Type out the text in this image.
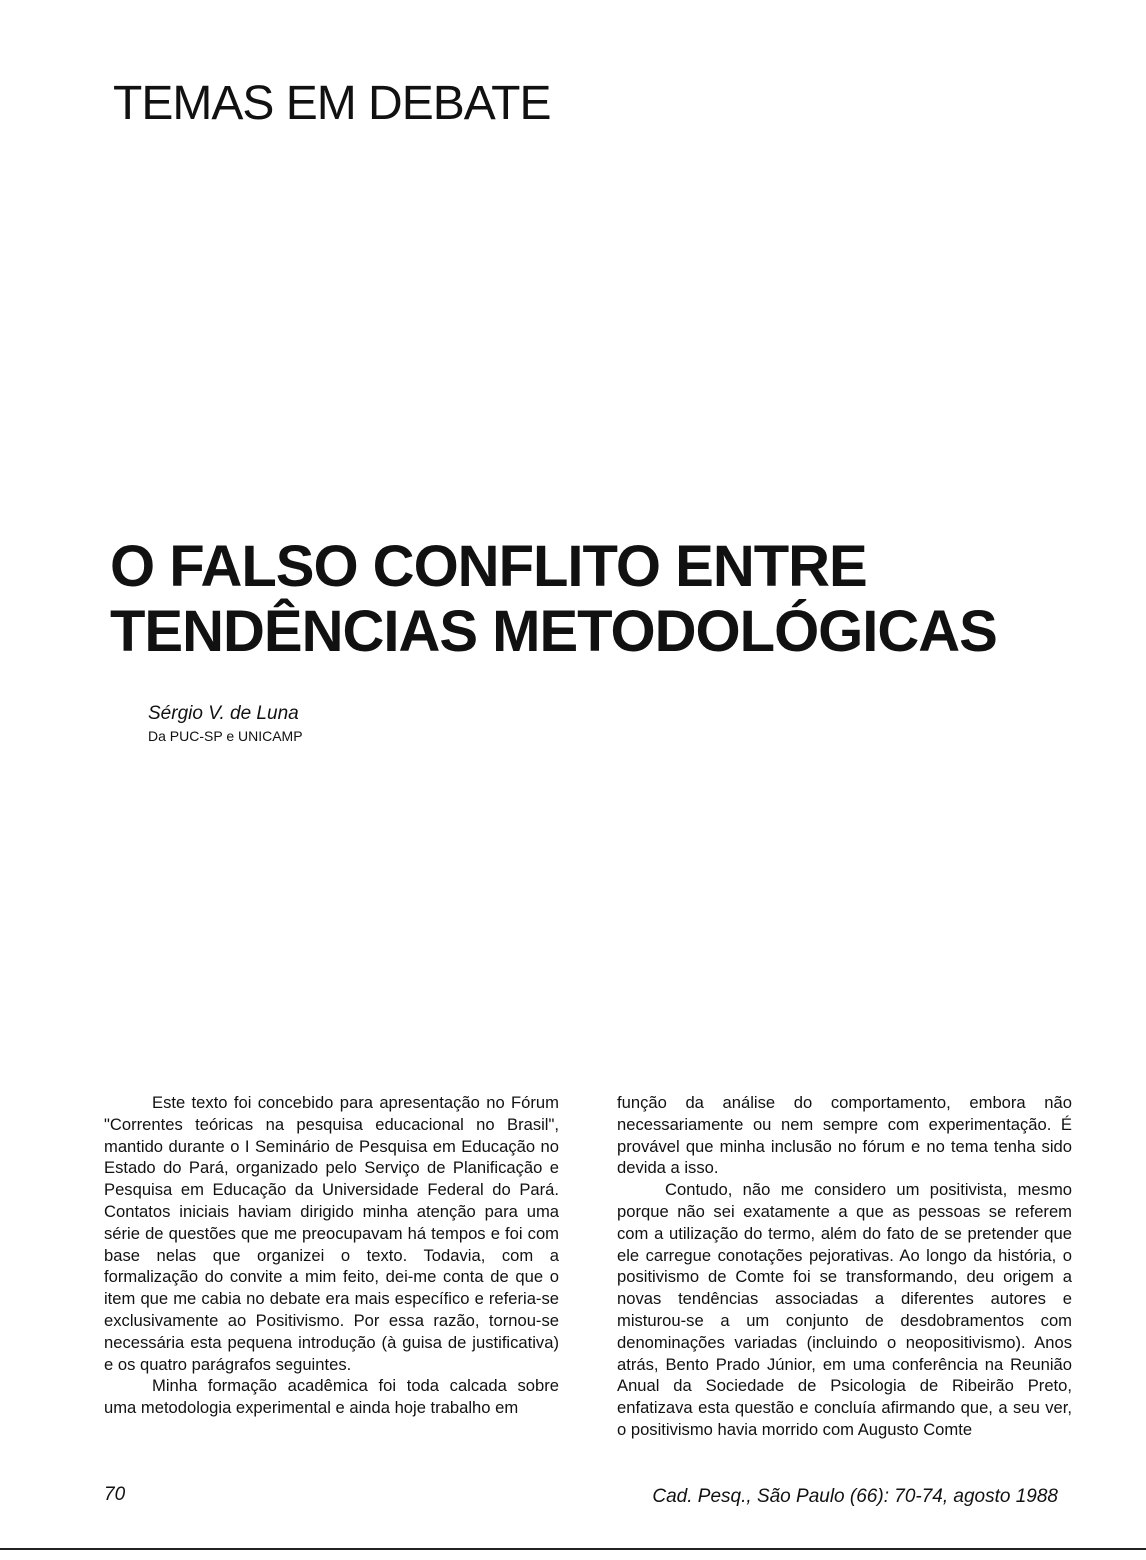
TEMAS EM DEBATE
O FALSO CONFLITO ENTRE
TENDÊNCIAS METODOLÓGICAS
Sérgio V. de Luna
Da PUC-SP e UNICAMP

Este texto foi concebido para apresentação no Fórum "Correntes teóricas na pesquisa educacional no Brasil", mantido durante o I Seminário de Pesquisa em Educação no Estado do Pará, organizado pelo Serviço de Planificação e Pesquisa em Educação da Universidade Federal do Pará. Contatos iniciais haviam dirigido minha atenção para uma série de questões que me preocupavam há tempos e foi com base nelas que organizei o texto. Todavia, com a formalização do convite a mim feito, dei-me conta de que o item que me cabia no debate era mais específico e referia-se exclusivamente ao Positivismo. Por essa razão, tornou-se necessária esta pequena introdução (à guisa de justificativa) e os quatro parágrafos seguintes.

Minha formação acadêmica foi toda calcada sobre uma metodologia experimental e ainda hoje trabalho em

função da análise do comportamento, embora não necessariamente ou nem sempre com experimentação. É provável que minha inclusão no fórum e no tema tenha sido devida a isso.

Contudo, não me considero um positivista, mesmo porque não sei exatamente a que as pessoas se referem com a utilização do termo, além do fato de se pretender que ele carregue conotações pejorativas. Ao longo da história, o positivismo de Comte foi se transformando, deu origem a novas tendências associadas a diferentes autores e misturou-se a um conjunto de desdobramentos com denominações variadas (incluindo o neopositivismo). Anos atrás, Bento Prado Júnior, em uma conferência na Reunião Anual da Sociedade de Psicologia de Ribeirão Preto, enfatizava esta questão e concluía afirmando que, a seu ver, o positivismo havia morrido com Augusto Comte

70	Cad. Pesq., São Paulo (66): 70-74, agosto 1988
